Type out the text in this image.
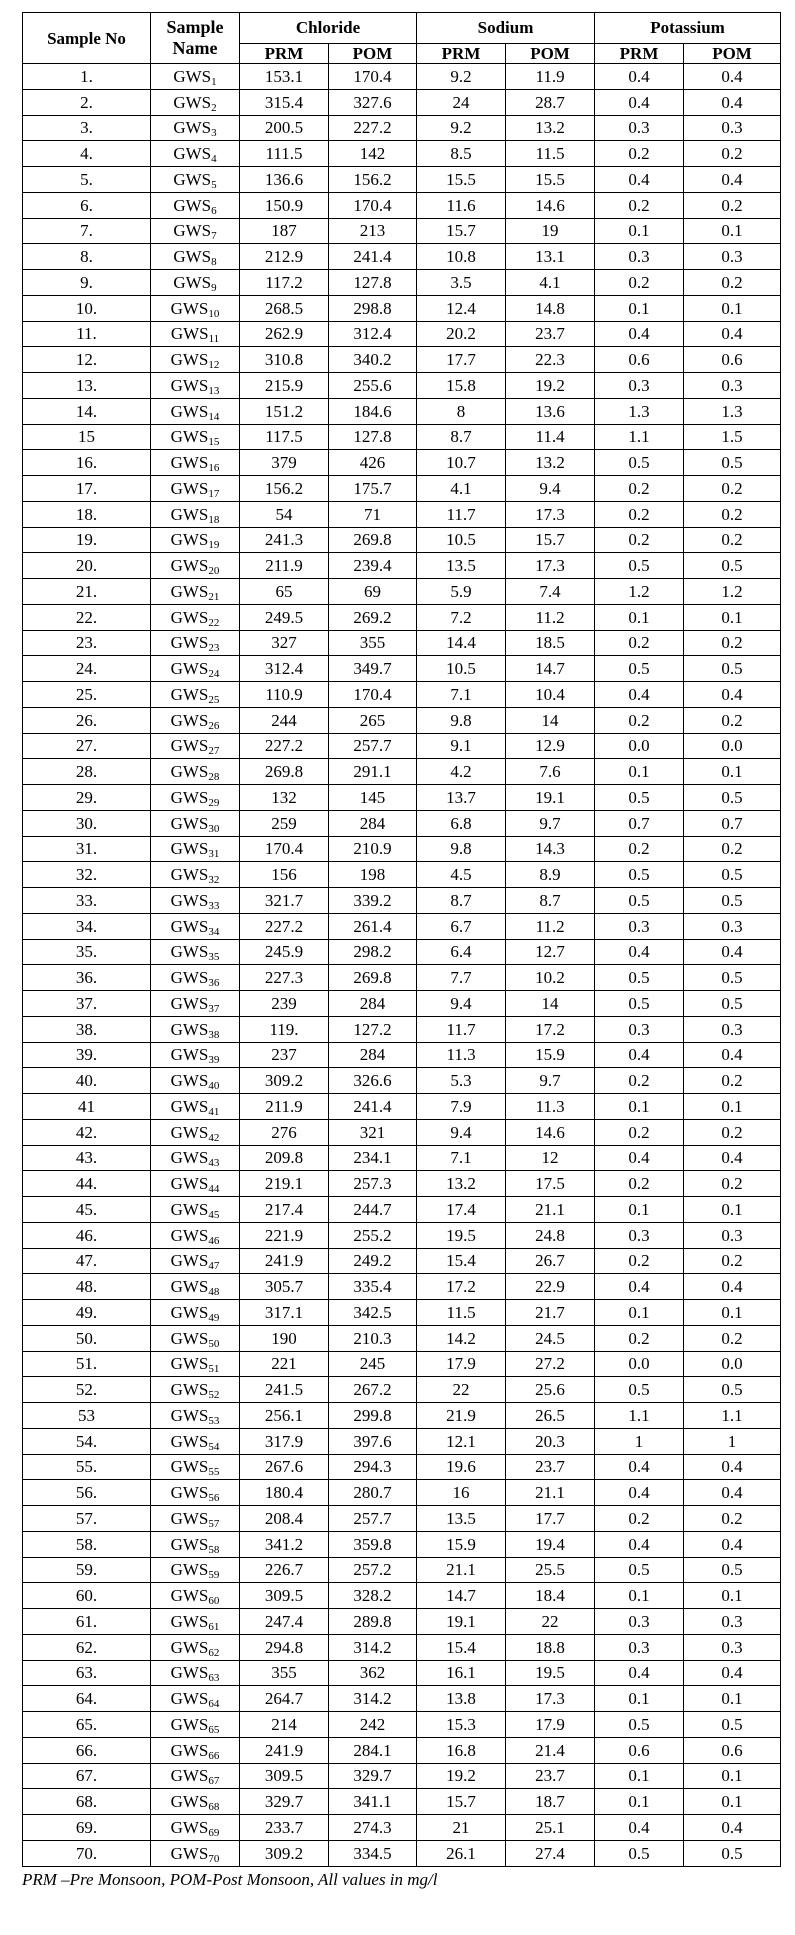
Sample No	Sample
Name	Chloride		Sodium		Potassium	
		PRM	POM	PRM	POM	PRM	POM
1.	$GWS_1$	153.1	170.4	9.2	11.9	0.4	0.4
2.	$GWS_2$	315.4	327.6	24	28.7	0.4	0.4
3.	$GWS_3$	200.5	227.2	9.2	13.2	0.3	0.3
4.	$GWS_4$	111.5	142	8.5	11.5	0.2	0.2
5.	$GWS_5$	136.6	156.2	15.5	15.5	0.4	0.4
6.	$GWS_6$	150.9	170.4	11.6	14.6	0.2	0.2
7.	$GWS_7$	187	213	15.7	19	0.1	0.1
8.	$GWS_8$	212.9	241.4	10.8	13.1	0.3	0.3
9.	$GWS_9$	117.2	127.8	3.5	4.1	0.2	0.2
10.	$GWS_{10}$	268.5	298.8	12.4	14.8	0.1	0.1
11.	$GWS_{11}$	262.9	312.4	20.2	23.7	0.4	0.4
12.	$GWS_{12}$	310.8	340.2	17.7	22.3	0.6	0.6
13.	$GWS_{13}$	215.9	255.6	15.8	19.2	0.3	0.3
14.	$GWS_{14}$	151.2	184.6	8	13.6	1.3	1.3
15	$GWS_{15}$	117.5	127.8	8.7	11.4	1.1	1.5
16.	$GWS_{16}$	379	426	10.7	13.2	0.5	0.5
17.	$GWS_{17}$	156.2	175.7	4.1	9.4	0.2	0.2
18.	$GWS_{18}$	54	71	11.7	17.3	0.2	0.2
19.	$GWS_{19}$	241.3	269.8	10.5	15.7	0.2	0.2
20.	$GWS_{20}$	211.9	239.4	13.5	17.3	0.5	0.5
21.	$GWS_{21}$	65	69	5.9	7.4	1.2	1.2
22.	$GWS_{22}$	249.5	269.2	7.2	11.2	0.1	0.1
23.	$GWS_{23}$	327	355	14.4	18.5	0.2	0.2
24.	$GWS_{24}$	312.4	349.7	10.5	14.7	0.5	0.5
25.	$GWS_{25}$	110.9	170.4	7.1	10.4	0.4	0.4
26.	$GWS_{26}$	244	265	9.8	14	0.2	0.2
27.	$GWS_{27}$	227.2	257.7	9.1	12.9	0.0	0.0
28.	$GWS_{28}$	269.8	291.1	4.2	7.6	0.1	0.1
29.	$GWS_{29}$	132	145	13.7	19.1	0.5	0.5
30.	$GWS_{30}$	259	284	6.8	9.7	0.7	0.7
31.	$GWS_{31}$	170.4	210.9	9.8	14.3	0.2	0.2
32.	$GWS_{32}$	156	198	4.5	8.9	0.5	0.5
33.	$GWS_{33}$	321.7	339.2	8.7	8.7	0.5	0.5
34.	$GWS_{34}$	227.2	261.4	6.7	11.2	0.3	0.3
35.	$GWS_{35}$	245.9	298.2	6.4	12.7	0.4	0.4
36.	$GWS_{36}$	227.3	269.8	7.7	10.2	0.5	0.5
37.	$GWS_{37}$	239	284	9.4	14	0.5	0.5
38.	$GWS_{38}$	119.	127.2	11.7	17.2	0.3	0.3
39.	$GWS_{39}$	237	284	11.3	15.9	0.4	0.4
40.	$GWS_{40}$	309.2	326.6	5.3	9.7	0.2	0.2
41	$GWS_{41}$	211.9	241.4	7.9	11.3	0.1	0.1
42.	$GWS_{42}$	276	321	9.4	14.6	0.2	0.2
43.	$GWS_{43}$	209.8	234.1	7.1	12	0.4	0.4
44.	$GWS_{44}$	219.1	257.3	13.2	17.5	0.2	0.2
45.	$GWS_{45}$	217.4	244.7	17.4	21.1	0.1	0.1
46.	$GWS_{46}$	221.9	255.2	19.5	24.8	0.3	0.3
47.	$GWS_{47}$	241.9	249.2	15.4	26.7	0.2	0.2
48.	$GWS_{48}$	305.7	335.4	17.2	22.9	0.4	0.4
49.	$GWS_{49}$	317.1	342.5	11.5	21.7	0.1	0.1
50.	$GWS_{50}$	190	210.3	14.2	24.5	0.2	0.2
51.	$GWS_{51}$	221	245	17.9	27.2	0.0	0.0
52.	$GWS_{52}$	241.5	267.2	22	25.6	0.5	0.5
53	$GWS_{53}$	256.1	299.8	21.9	26.5	1.1	1.1
54.	$GWS_{54}$	317.9	397.6	12.1	20.3	1	1
55.	$GWS_{55}$	267.6	294.3	19.6	23.7	0.4	0.4
56.	$GWS_{56}$	180.4	280.7	16	21.1	0.4	0.4
57.	$GWS_{57}$	208.4	257.7	13.5	17.7	0.2	0.2
58.	$GWS_{58}$	341.2	359.8	15.9	19.4	0.4	0.4
59.	$GWS_{59}$	226.7	257.2	21.1	25.5	0.5	0.5
60.	$GWS_{60}$	309.5	328.2	14.7	18.4	0.1	0.1
61.	$GWS_{61}$	247.4	289.8	19.1	22	0.3	0.3
62.	$GWS_{62}$	294.8	314.2	15.4	18.8	0.3	0.3
63.	$GWS_{63}$	355	362	16.1	19.5	0.4	0.4
64.	$GWS_{64}$	264.7	314.2	13.8	17.3	0.1	0.1
65.	$GWS_{65}$	214	242	15.3	17.9	0.5	0.5
66.	$GWS_{66}$	241.9	284.1	16.8	21.4	0.6	0.6
67.	$GWS_{67}$	309.5	329.7	19.2	23.7	0.1	0.1
68.	$GWS_{68}$	329.7	341.1	15.7	18.7	0.1	0.1
69.	$GWS_{69}$	233.7	274.3	21	25.1	0.4	0.4
70.	$GWS_{70}$	309.2	334.5	26.1	27.4	0.5	0.5
PRM –Pre Monsoon, POM-Post Monsoon, All values in mg/l
